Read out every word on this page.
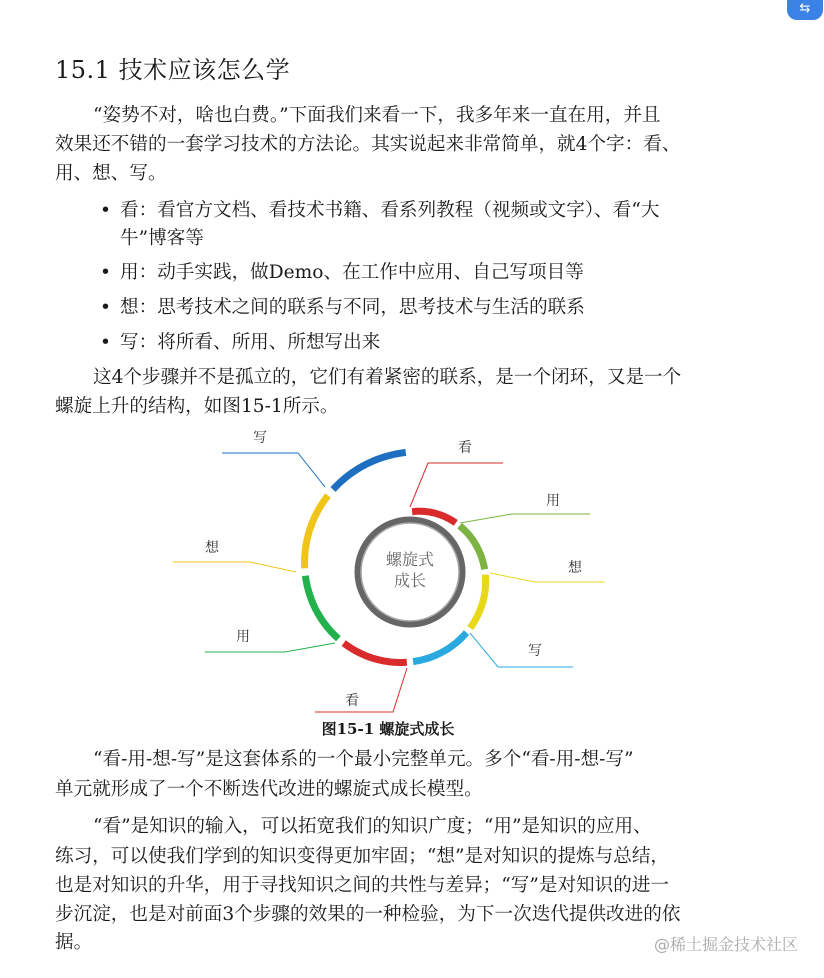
⇆
15.1 技术应该怎么学
“姿势不对，啥也白费。”下面我们来看一下，我多年来一直在用，并且
效果还不错的一套学习技术的方法论。其实说起来非常简单，就4个字：看、
用、想、写。
• 看：看官方文档、看技术书籍、看系列教程（视频或文字）、看“大
牛”博客等
• 用：动手实践，做Demo、在工作中应用、自己写项目等
• 想：思考技术之间的联系与不同，思考技术与生活的联系
• 写：将所看、所用、所想写出来
这4个步骤并不是孤立的，它们有着紧密的联系，是一个闭环，又是一个
螺旋上升的结构，如图15-1所示。
螺旋式
成长
看
用
想
写
看
用
想
写
图15-1 螺旋式成长
“看-用-想-写”是这套体系的一个最小完整单元。多个“看-用-想-写”
单元就形成了一个不断迭代改进的螺旋式成长模型。
“看”是知识的输入，可以拓宽我们的知识广度；“用”是知识的应用、
练习，可以使我们学到的知识变得更加牢固；“想”是对知识的提炼与总结，
也是对知识的升华，用于寻找知识之间的共性与差异；“写”是对知识的进一
步沉淀，也是对前面3个步骤的效果的一种检验，为下一次迭代提供改进的依
据。	@稀土掘金技术社区
